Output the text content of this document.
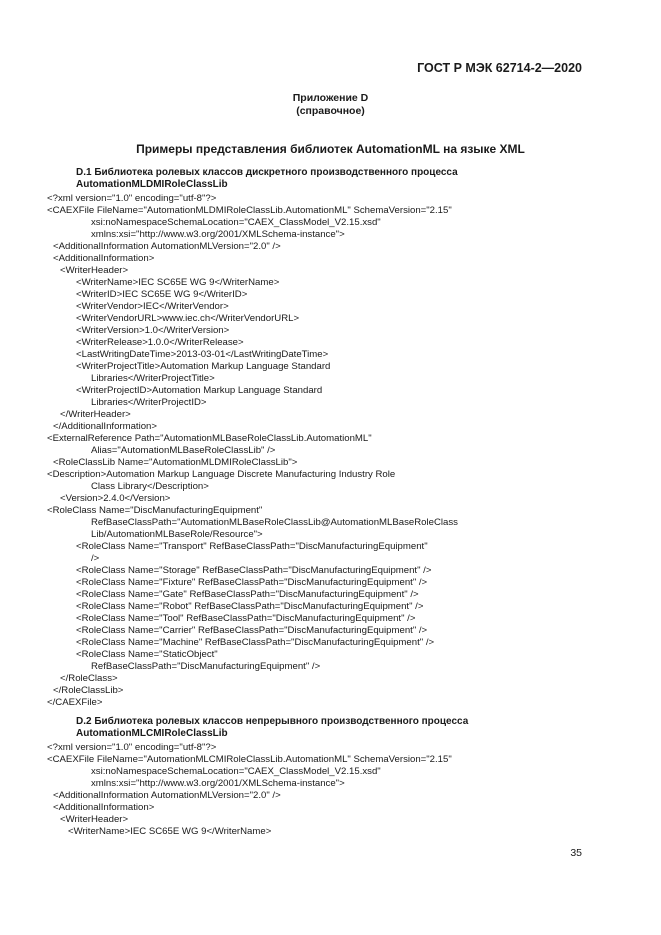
ГОСТ Р МЭК 62714-2—2020
Приложение D
(справочное)
Примеры представления библиотек AutomationML на языке XML
D.1 Библиотека ролевых классов дискретного производственного процесса
AutomationMLDMIRoleClassLib
<?xml version="1.0" encoding="utf-8"?>
<CAEXFile FileName="AutomationMLDMIRoleClassLib.AutomationML" SchemaVersion="2.15"
xsi:noNamespaceSchemaLocation="CAEX_ClassModel_V2.15.xsd"
xmlns:xsi="http://www.w3.org/2001/XMLSchema-instance">
<AdditionalInformation AutomationMLVersion="2.0" />
<AdditionalInformation>
<WriterHeader>
<WriterName>IEC SC65E WG 9</WriterName>
<WriterID>IEC SC65E WG 9</WriterID>
<WriterVendor>IEC</WriterVendor>
<WriterVendorURL>www.iec.ch</WriterVendorURL>
<WriterVersion>1.0</WriterVersion>
<WriterRelease>1.0.0</WriterRelease>
<LastWritingDateTime>2013-03-01</LastWritingDateTime>
<WriterProjectTitle>Automation Markup Language Standard
Libraries</WriterProjectTitle>
<WriterProjectID>Automation Markup Language Standard
Libraries</WriterProjectID>
</WriterHeader>
</AdditionalInformation>
<ExternalReference Path="AutomationMLBaseRoleClassLib.AutomationML"
Alias="AutomationMLBaseRoleClassLib" />
<RoleClassLib Name="AutomationMLDMIRoleClassLib">
<Description>Automation Markup Language Discrete Manufacturing Industry Role
Class Library</Description>
<Version>2.4.0</Version>
<RoleClass Name="DiscManufacturingEquipment"
RefBaseClassPath="AutomationMLBaseRoleClassLib@AutomationMLBaseRoleClass
Lib/AutomationMLBaseRole/Resource">
<RoleClass Name="Transport" RefBaseClassPath="DiscManufacturingEquipment"
/>
<RoleClass Name="Storage" RefBaseClassPath="DiscManufacturingEquipment" />
<RoleClass Name="Fixture" RefBaseClassPath="DiscManufacturingEquipment" />
<RoleClass Name="Gate" RefBaseClassPath="DiscManufacturingEquipment" />
<RoleClass Name="Robot" RefBaseClassPath="DiscManufacturingEquipment" />
<RoleClass Name="Tool" RefBaseClassPath="DiscManufacturingEquipment" />
<RoleClass Name="Carrier" RefBaseClassPath="DiscManufacturingEquipment" />
<RoleClass Name="Machine" RefBaseClassPath="DiscManufacturingEquipment" />
<RoleClass Name="StaticObject"
RefBaseClassPath="DiscManufacturingEquipment" />
</RoleClass>
</RoleClassLib>
</CAEXFile>
D.2 Библиотека ролевых классов непрерывного производственного процесса
AutomationMLCMIRoleClassLib
<?xml version="1.0" encoding="utf-8"?>
<CAEXFile FileName="AutomationMLCMIRoleClassLib.AutomationML" SchemaVersion="2.15"
xsi:noNamespaceSchemaLocation="CAEX_ClassModel_V2.15.xsd"
xmlns:xsi="http://www.w3.org/2001/XMLSchema-instance">
<AdditionalInformation AutomationMLVersion="2.0" />
<AdditionalInformation>
<WriterHeader>
<WriterName>IEC SC65E WG 9</WriterName>
35
